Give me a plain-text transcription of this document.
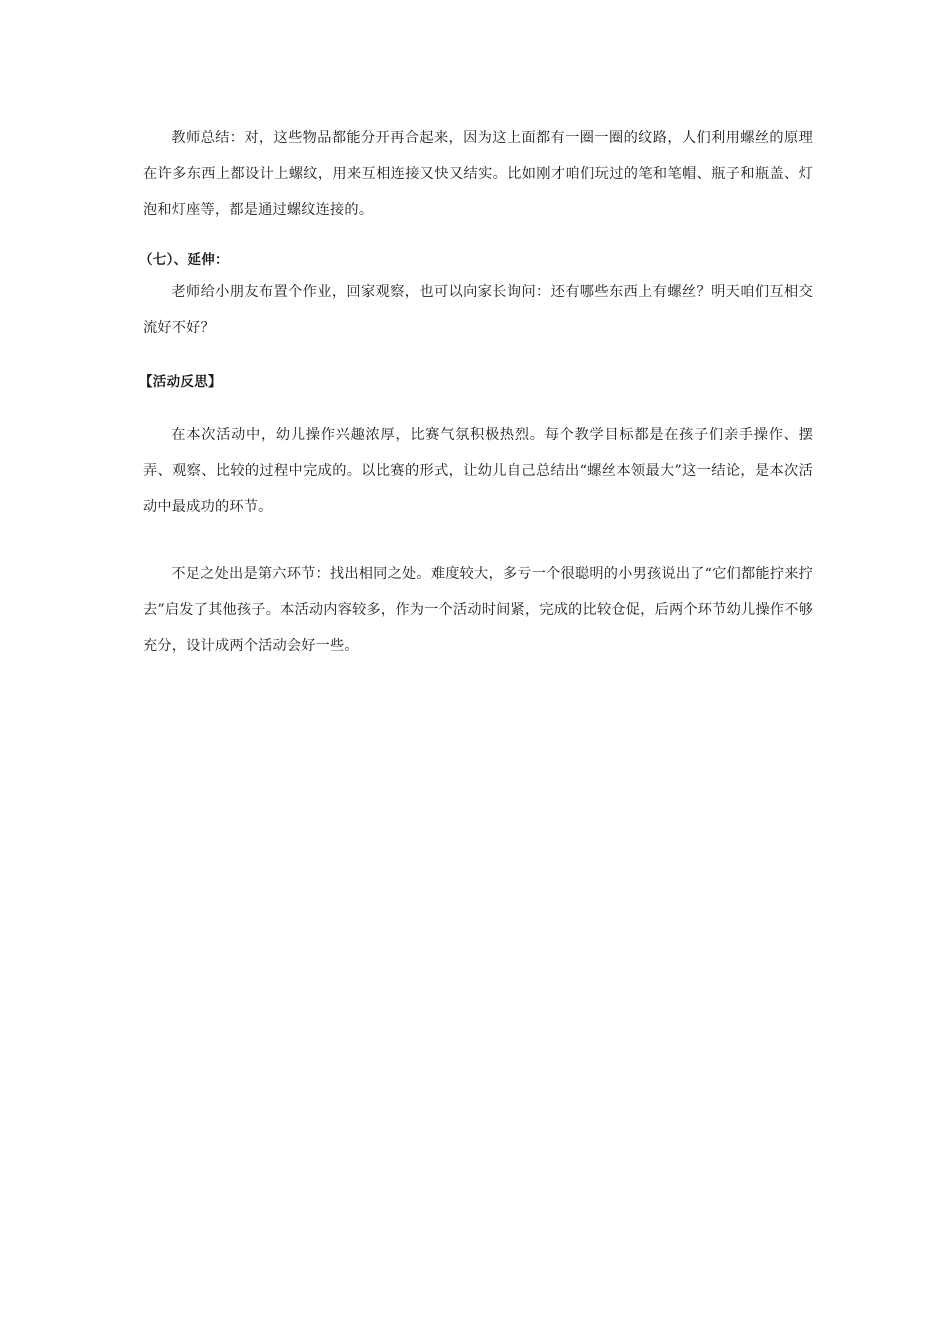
教师总结：对，这些物品都能分开再合起来，因为这上面都有一圈一圈的纹路，人们利用螺丝的原理在许多东西上都设计上螺纹，用来互相连接又快又结实。比如刚才咱们玩过的笔和笔帽、瓶子和瓶盖、灯泡和灯座等，都是通过螺纹连接的。

（七）、延伸：

老师给小朋友布置个作业，回家观察，也可以向家长询问：还有哪些东西上有螺丝？明天咱们互相交流好不好？

【活动反思】

在本次活动中，幼儿操作兴趣浓厚，比赛气氛积极热烈。每个教学目标都是在孩子们亲手操作、摆弄、观察、比较的过程中完成的。以比赛的形式，让幼儿自己总结出“螺丝本领最大”这一结论，是本次活动中最成功的环节。

不足之处出是第六环节：找出相同之处。难度较大，多亏一个很聪明的小男孩说出了“它们都能拧来拧去”启发了其他孩子。本活动内容较多，作为一个活动时间紧，完成的比较仓促，后两个环节幼儿操作不够充分，设计成两个活动会好一些。
